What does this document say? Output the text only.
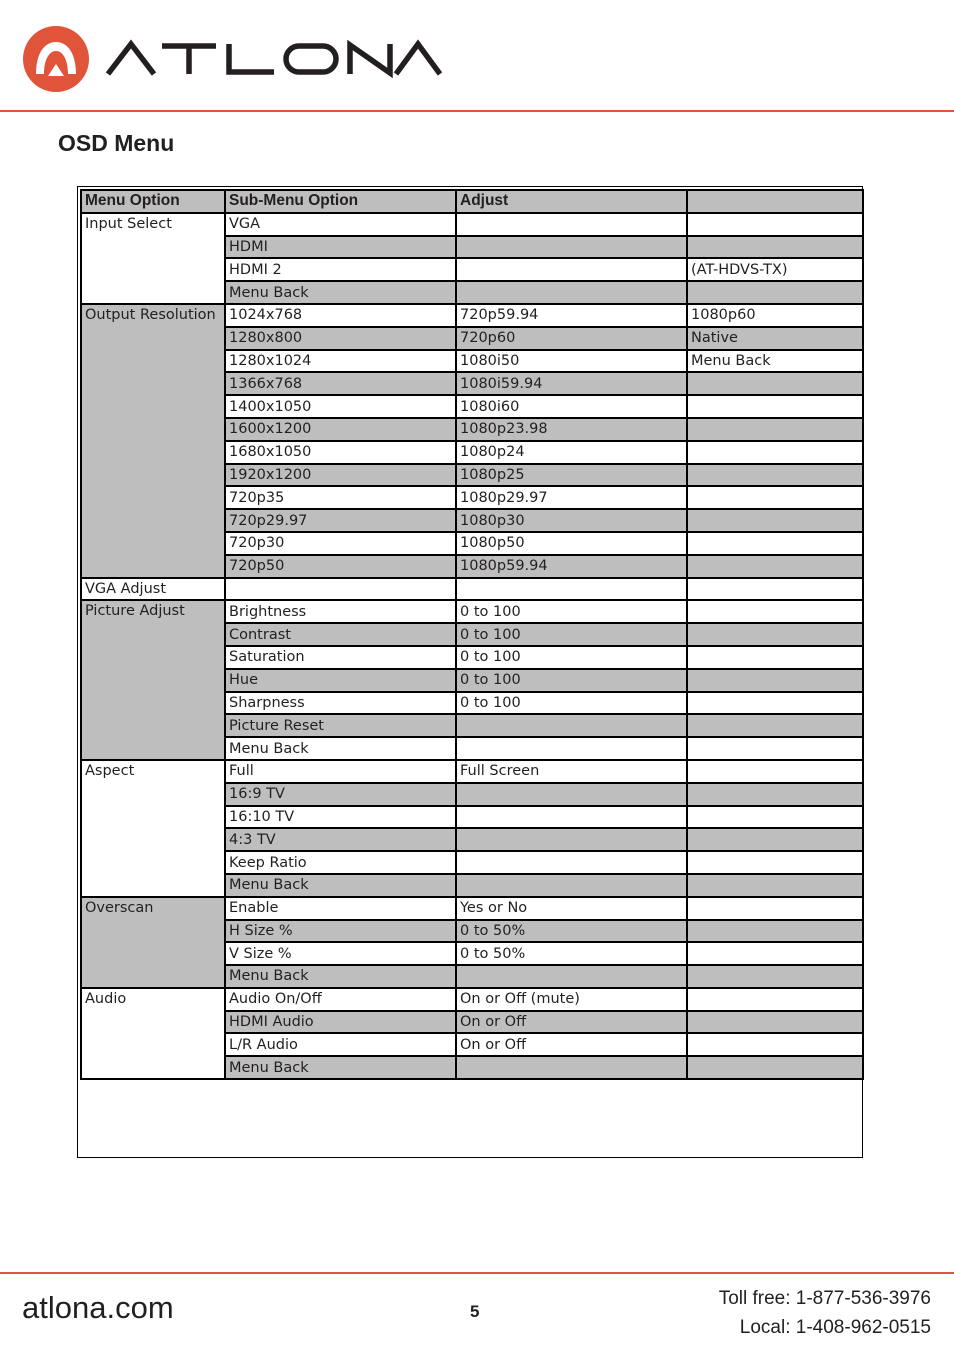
OSD Menu
Menu Option	Sub-Menu Option	Adjust	
Input Select	VGA		
	HDMI		
	HDMI 2		(AT-HDVS-TX)
	Menu Back		
Output Resolution	1024x768	720p59.94	1080p60
	1280x800	720p60	Native
	1280x1024	1080i50	Menu Back
	1366x768	1080i59.94	
	1400x1050	1080i60	
	1600x1200	1080p23.98	
	1680x1050	1080p24	
	1920x1200	1080p25	
	720p35	1080p29.97	
	720p29.97	1080p30	
	720p30	1080p50	
	720p50	1080p59.94	
VGA Adjust			
Picture Adjust	Brightness	0 to 100	
	Contrast	0 to 100	
	Saturation	0 to 100	
	Hue	0 to 100	
	Sharpness	0 to 100	
	Picture Reset		
	Menu Back		
Aspect	Full	Full Screen	
	16:9 TV		
	16:10 TV		
	4:3 TV		
	Keep Ratio		
	Menu Back		
Overscan	Enable	Yes or No	
	H Size %	0 to 50%	
	V Size %	0 to 50%	
	Menu Back		
Audio	Audio On/Off	On or Off (mute)	
	HDMI Audio	On or Off	
	L/R Audio	On or Off	
	Menu Back		
atlona.com	5
Toll free: 1-877-536-3976
Local: 1-408-962-0515
